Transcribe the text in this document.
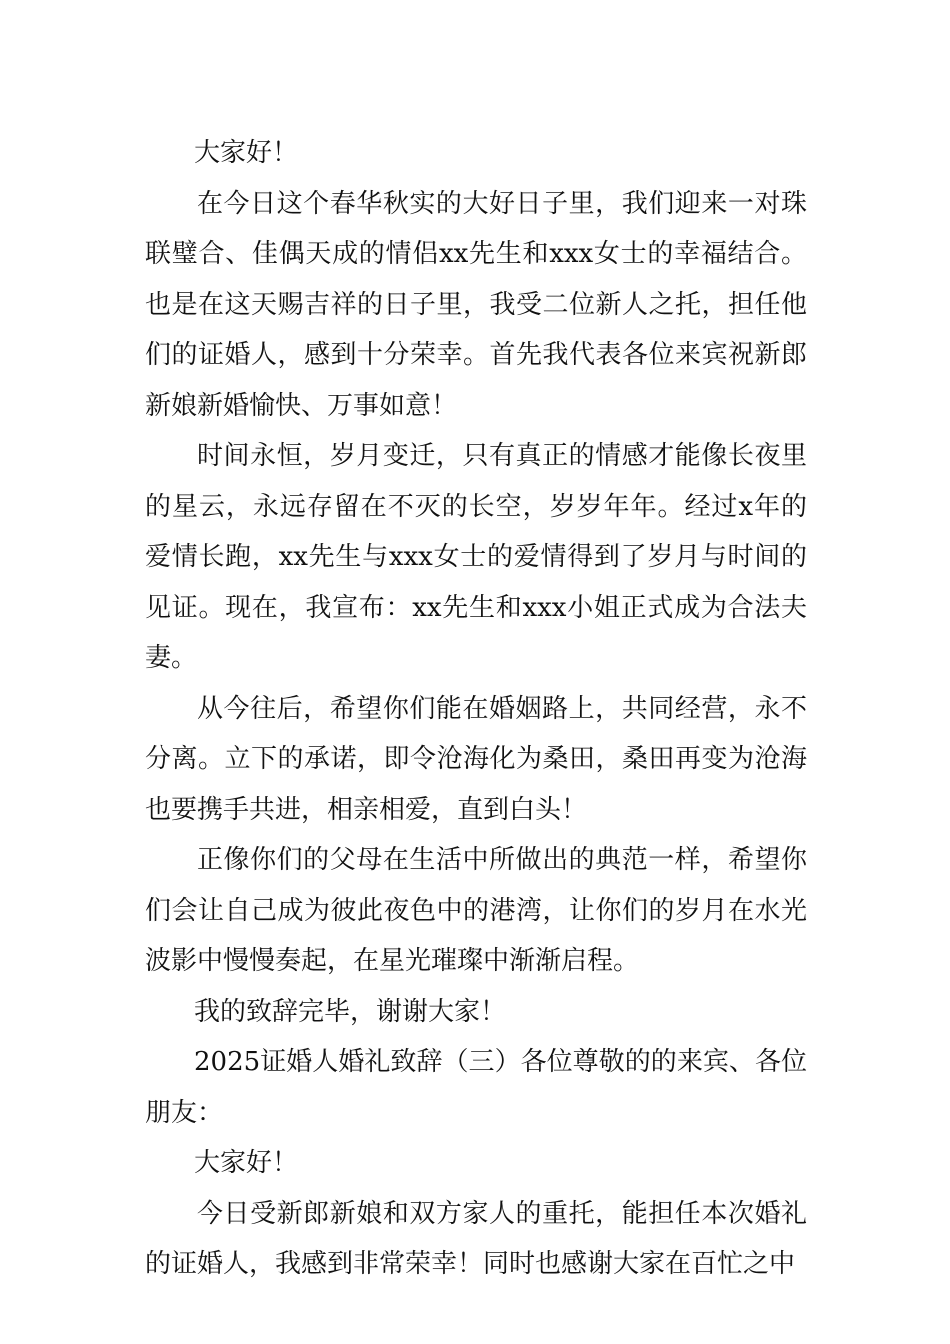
大家好！

在今日这个春华秋实的大好日子里，我们迎来一对珠联璧合、佳偶天成的情侣xx先生和xxx女士的幸福结合。也是在这天赐吉祥的日子里，我受二位新人之托，担任他们的证婚人，感到十分荣幸。首先我代表各位来宾祝新郎新娘新婚愉快、万事如意！

时间永恒，岁月变迁，只有真正的情感才能像长夜里的星云，永远存留在不灭的长空，岁岁年年。经过x年的爱情长跑，xx先生与xxx女士的爱情得到了岁月与时间的见证。现在，我宣布：xx先生和xxx小姐正式成为合法夫妻。

从今往后，希望你们能在婚姻路上，共同经营，永不分离。立下的承诺，即令沧海化为桑田，桑田再变为沧海也要携手共进，相亲相爱，直到白头！

正像你们的父母在生活中所做出的典范一样，希望你们会让自己成为彼此夜色中的港湾，让你们的岁月在水光波影中慢慢奏起，在星光璀璨中渐渐启程。

我的致辞完毕，谢谢大家！

2025证婚人婚礼致辞（三）各位尊敬的的来宾、各位朋友：

大家好！

今日受新郎新娘和双方家人的重托，能担任本次婚礼的证婚人，我感到非常荣幸！同时也感谢大家在百忙之中
